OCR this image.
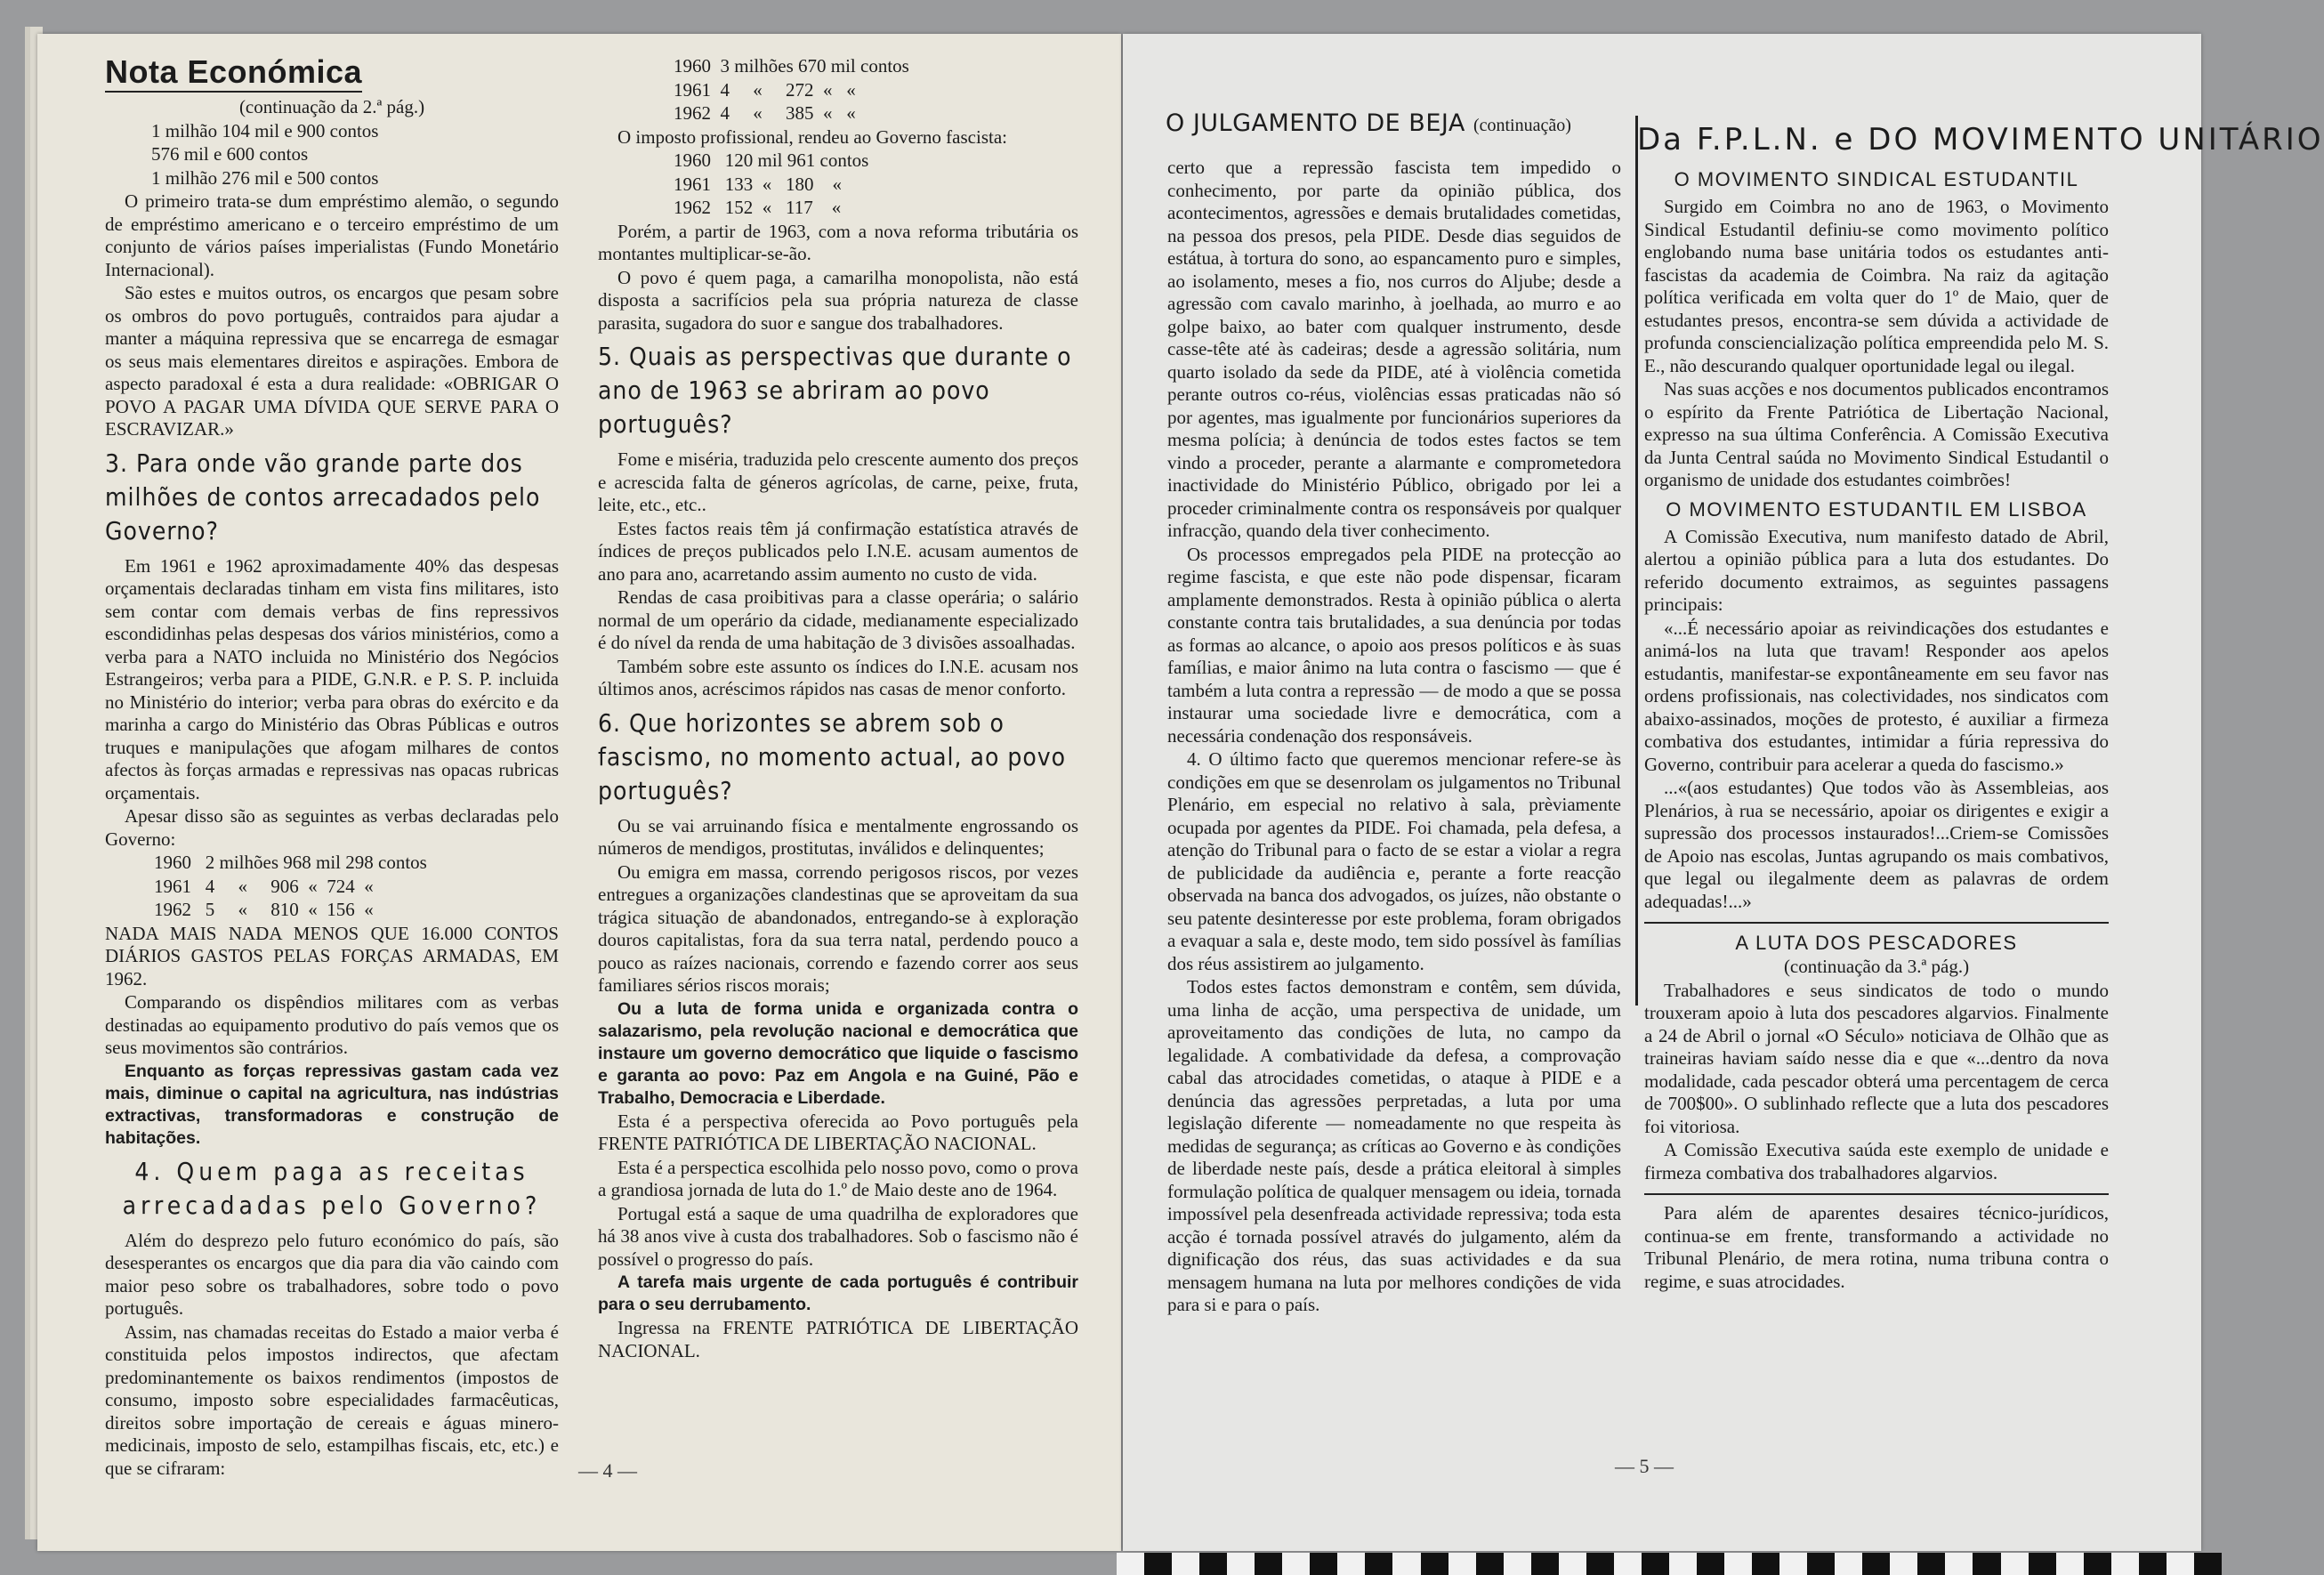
Nota Económica

(continuação da 2.ª pág.)

1 milhão 104 mil e 900 contos

576 mil e 600 contos

1 milhão 276 mil e 500 contos

O primeiro trata-se dum empréstimo alemão, o segundo de empréstimo americano e o terceiro empréstimo de um conjunto de vários países imperialistas (Fundo Monetário Internacional).

São estes e muitos outros, os encargos que pesam sobre os ombros do povo português, contraidos para ajudar a manter a máquina repressiva que se encarrega de esmagar os seus mais elementares direitos e aspirações. Embora de aspecto paradoxal é esta a dura realidade: «OBRIGAR O POVO A PAGAR UMA DÍVIDA QUE SERVE PARA O ESCRAVIZAR.»

3. Para onde vão grande parte dos milhões de contos arrecadados pelo Governo?

Em 1961 e 1962 aproximadamente 40% das despesas orçamentais declaradas tinham em vista fins militares, isto sem contar com demais verbas de fins repressivos escondidinhas pelas despesas dos vários ministérios, como a verba para a NATO incluida no Ministério dos Negócios Estrangeiros; verba para a PIDE, G.N.R. e P. S. P. incluida no Ministério do interior; verba para obras do exército e da marinha a cargo do Ministério das Obras Públicas e outros truques e manipulações que afogam milhares de contos afectos às forças armadas e repressivas nas opacas rubricas orçamentais.

Apesar disso são as seguintes as verbas declaradas pelo Governo:

1960   2 milhões 968 mil 298 contos

1961   4     «     906  «  724  «

1962   5     «     810  «  156  «

NADA MAIS NADA MENOS QUE 16.000 CONTOS DIÁRIOS GASTOS PELAS FORÇAS ARMADAS, EM 1962.

Comparando os dispêndios militares com as verbas destinadas ao equipamento produtivo do país vemos que os seus movimentos são contrários.

Enquanto as forças repressivas gastam cada vez mais, diminue o capital na agricultura, nas indústrias extractivas, transformadoras e construção de habitações.

4. Quem paga as receitas arrecadadas pelo Governo?

Além do desprezo pelo futuro económico do país, são desesperantes os encargos que dia para dia vão caindo com maior peso sobre os trabalhadores, sobre todo o povo português.

Assim, nas chamadas receitas do Estado a maior verba é constituida pelos impostos indirectos, que afectam predominantemente os baixos rendimentos (impostos de consumo, imposto sobre especialidades farmacêuticas, direitos sobre importação de cereais e águas minero-medicinais, imposto de selo, estampilhas fiscais, etc, etc.) e que se cifraram:

1960  3 milhões 670 mil contos

1961  4     «     272  «   «

1962  4     «     385  «   «

O imposto profissional, rendeu ao Governo fascista:

1960   120 mil 961 contos

1961   133  «   180    «

1962   152  «   117    «

Porém, a partir de 1963, com a nova reforma tributária os montantes multiplicar-se-ão.

O povo é quem paga, a camarilha monopolista, não está disposta a sacrifícios pela sua própria natureza de classe parasita, sugadora do suor e sangue dos trabalhadores.

5. Quais as perspectivas que durante o ano de 1963 se abriram ao povo português?

Fome e miséria, traduzida pelo crescente aumento dos preços e acrescida falta de géneros agrícolas, de carne, peixe, fruta, leite, etc., etc..

Estes factos reais têm já confirmação estatística através de índices de preços publicados pelo I.N.E. acusam aumentos de ano para ano, acarretando assim aumento no custo de vida.

Rendas de casa proibitivas para a classe operária; o salário normal de um operário da cidade, medianamente especializado é do nível da renda de uma habitação de 3 divisões assoalhadas.

Também sobre este assunto os índices do I.N.E. acusam nos últimos anos, acréscimos rápidos nas casas de menor conforto.

6. Que horizontes se abrem sob o fascismo, no momento actual, ao povo português?

Ou se vai arruinando física e mentalmente engrossando os números de mendigos, prostitutas, inválidos e delinquentes;

Ou emigra em massa, correndo perigosos riscos, por vezes entregues a organizações clandestinas que se aproveitam da sua trágica situação de abandonados, entregando-se à exploração douros capitalistas, fora da sua terra natal, perdendo pouco a pouco as raízes nacionais, correndo e fazendo correr aos seus familiares sérios riscos morais;

Ou a luta de forma unida e organizada contra o salazarismo, pela revolução nacional e democrática que instaure um governo democrático que liquide o fascismo e garanta ao povo: Paz em Angola e na Guiné, Pão e Trabalho, Democracia e Liberdade.

Esta é a perspectiva oferecida ao Povo português pela FRENTE PATRIÓTICA DE LIBERTAÇÃO NACIONAL.

Esta é a perspectica escolhida pelo nosso povo, como o prova a grandiosa jornada de luta do 1.º de Maio deste ano de 1964.

Portugal está a saque de uma quadrilha de exploradores que há 38 anos vive à custa dos trabalhadores. Sob o fascismo não é possível o progresso do país.

A tarefa mais urgente de cada português é contribuir para o seu derrubamento.

Ingressa na FRENTE PATRIÓTICA DE LIBERTAÇÃO NACIONAL.

— 4 —
O JULGAMENTO DE BEJA (continuação)

certo que a repressão fascista tem impedido o conhecimento, por parte da opinião pública, dos acontecimentos, agressões e demais brutalidades cometidas, na pessoa dos presos, pela PIDE. Desde dias seguidos de estátua, à tortura do sono, ao espancamento puro e simples, ao isolamento, meses a fio, nos curros do Aljube; desde a agressão com cavalo marinho, à joelhada, ao murro e ao golpe baixo, ao bater com qualquer instrumento, desde casse-tête até às cadeiras; desde a agressão solitária, num quarto isolado da sede da PIDE, até à violência cometida perante outros co-réus, violências essas praticadas não só por agentes, mas igualmente por funcionários superiores da mesma polícia; à denúncia de todos estes factos se tem vindo a proceder, perante a alarmante e comprometedora inactividade do Ministério Público, obrigado por lei a proceder criminalmente contra os responsáveis por qualquer infracção, quando dela tiver conhecimento.

Os processos empregados pela PIDE na protecção ao regime fascista, e que este não pode dispensar, ficaram amplamente demonstrados. Resta à opinião pública o alerta constante contra tais brutalidades, a sua denúncia por todas as formas ao alcance, o apoio aos presos políticos e às suas famílias, e maior ânimo na luta contra o fascismo — que é também a luta contra a repressão — de modo a que se possa instaurar uma sociedade livre e democrática, com a necessária condenação dos responsáveis.

4. O último facto que queremos mencionar refere-se às condições em que se desenrolam os julgamentos no Tribunal Plenário, em especial no relativo à sala, prèviamente ocupada por agentes da PIDE. Foi chamada, pela defesa, a atenção do Tribunal para o facto de se estar a violar a regra de publicidade da audiência e, perante a forte reacção observada na banca dos advogados, os juízes, não obstante o seu patente desinteresse por este problema, foram obrigados a evaquar a sala e, deste modo, tem sido possível às famílias dos réus assistirem ao julgamento.

Todos estes factos demonstram e contêm, sem dúvida, uma linha de acção, uma perspectiva de unidade, um aproveitamento das condições de luta, no campo da legalidade. A combatividade da defesa, a comprovação cabal das atrocidades cometidas, o ataque à PIDE e a denúncia das agressões perpretadas, a luta por uma legislação diferente — nomeadamente no que respeita às medidas de segurança; as críticas ao Governo e às condições de liberdade neste país, desde a prática eleitoral à simples formulação política de qualquer mensagem ou ideia, tornada impossível pela desenfreada actividade repressiva; toda esta acção é tornada possível através do julgamento, além da dignificação dos réus, das suas actividades e da sua mensagem humana na luta por melhores condições de vida para si e para o país.

Da F.P.L.N. e DO MOVIMENTO UNITÁRIO
O MOVIMENTO SINDICAL ESTUDANTIL

Surgido em Coimbra no ano de 1963, o Movimento Sindical Estudantil definiu-se como movimento político englobando numa base unitária todos os estudantes anti-fascistas da academia de Coimbra. Na raiz da agitação política verificada em volta quer do 1º de Maio, quer de estudantes presos, encontra-se sem dúvida a actividade de profunda consciencialização política empreendida pelo M. S. E., não descurando qualquer oportunidade legal ou ilegal.

Nas suas acções e nos documentos publicados encontramos o espírito da Frente Patriótica de Libertação Nacional, expresso na sua última Conferência. A Comissão Executiva da Junta Central saúda no Movimento Sindical Estudantil o organismo de unidade dos estudantes coimbrões!

O MOVIMENTO ESTUDANTIL EM LISBOA

A Comissão Executiva, num manifesto datado de Abril, alertou a opinião pública para a luta dos estudantes. Do referido documento extraimos, as seguintes passagens principais:

«...É necessário apoiar as reivindicações dos estudantes e animá-los na luta que travam! Responder aos apelos estudantis, manifestar-se expontâneamente em seu favor nas ordens profissionais, nas colectividades, nos sindicatos com abaixo-assinados, moções de protesto, é auxiliar a firmeza combativa dos estudantes, intimidar a fúria repressiva do Governo, contribuir para acelerar a queda do fascismo.»

...«(aos estudantes) Que todos vão às Assembleias, aos Plenários, à rua se necessário, apoiar os dirigentes e exigir a supressão dos processos instaurados!...Criem-se Comissões de Apoio nas escolas, Juntas agrupando os mais combativos, que legal ou ilegalmente deem as palavras de ordem adequadas!...»

A LUTA DOS PESCADORES

(continuação da 3.ª pág.)

Trabalhadores e seus sindicatos de todo o mundo trouxeram apoio à luta dos pescadores algarvios. Finalmente a 24 de Abril o jornal «O Século» noticiava de Olhão que as traineiras haviam saído nesse dia e que «...dentro da nova modalidade, cada pescador obterá uma percentagem de cerca de 700$00». O sublinhado reflecte que a luta dos pescadores foi vitoriosa.

A Comissão Executiva saúda este exemplo de unidade e firmeza combativa dos trabalhadores algarvios.

Para além de aparentes desaires técnico-jurídicos, continua-se em frente, transformando a actividade no Tribunal Plenário, de mera rotina, numa tribuna contra o regime, e suas atrocidades.

— 5 —
